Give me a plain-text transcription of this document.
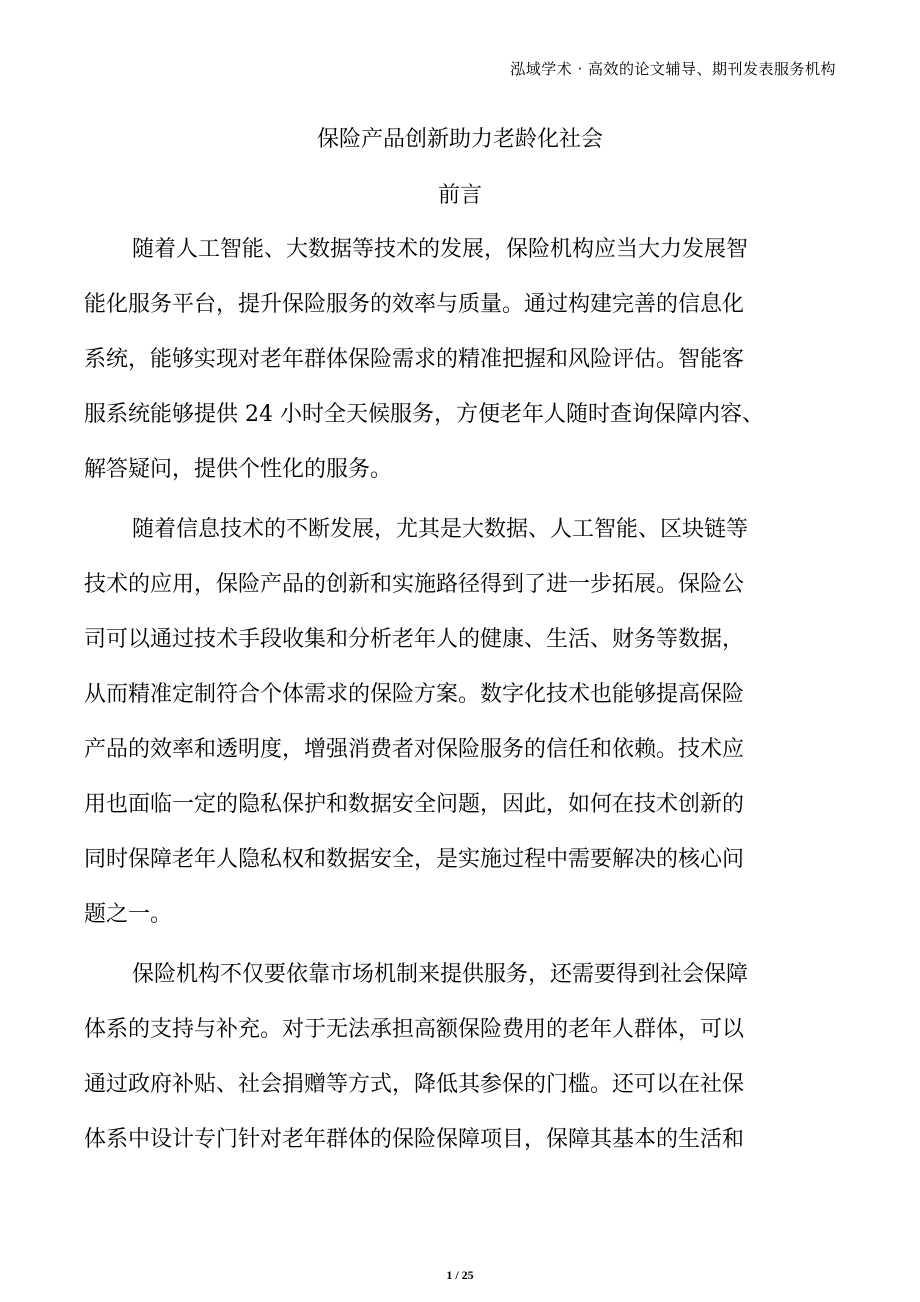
泓域学术 · 高效的论文辅导、期刊发表服务机构
保险产品创新助力老龄化社会
前言
随着人工智能、大数据等技术的发展，保险机构应当大力发展智
能化服务平台，提升保险服务的效率与质量。通过构建完善的信息化
系统，能够实现对老年群体保险需求的精准把握和风险评估。智能客
服系统能够提供 24 小时全天候服务，方便老年人随时查询保障内容、
解答疑问，提供个性化的服务。
随着信息技术的不断发展，尤其是大数据、人工智能、区块链等
技术的应用，保险产品的创新和实施路径得到了进一步拓展。保险公
司可以通过技术手段收集和分析老年人的健康、生活、财务等数据，
从而精准定制符合个体需求的保险方案。数字化技术也能够提高保险
产品的效率和透明度，增强消费者对保险服务的信任和依赖。技术应
用也面临一定的隐私保护和数据安全问题，因此，如何在技术创新的
同时保障老年人隐私权和数据安全，是实施过程中需要解决的核心问
题之一。
保险机构不仅要依靠市场机制来提供服务，还需要得到社会保障
体系的支持与补充。对于无法承担高额保险费用的老年人群体，可以
通过政府补贴、社会捐赠等方式，降低其参保的门槛。还可以在社保
体系中设计专门针对老年群体的保险保障项目，保障其基本的生活和
1 / 25
